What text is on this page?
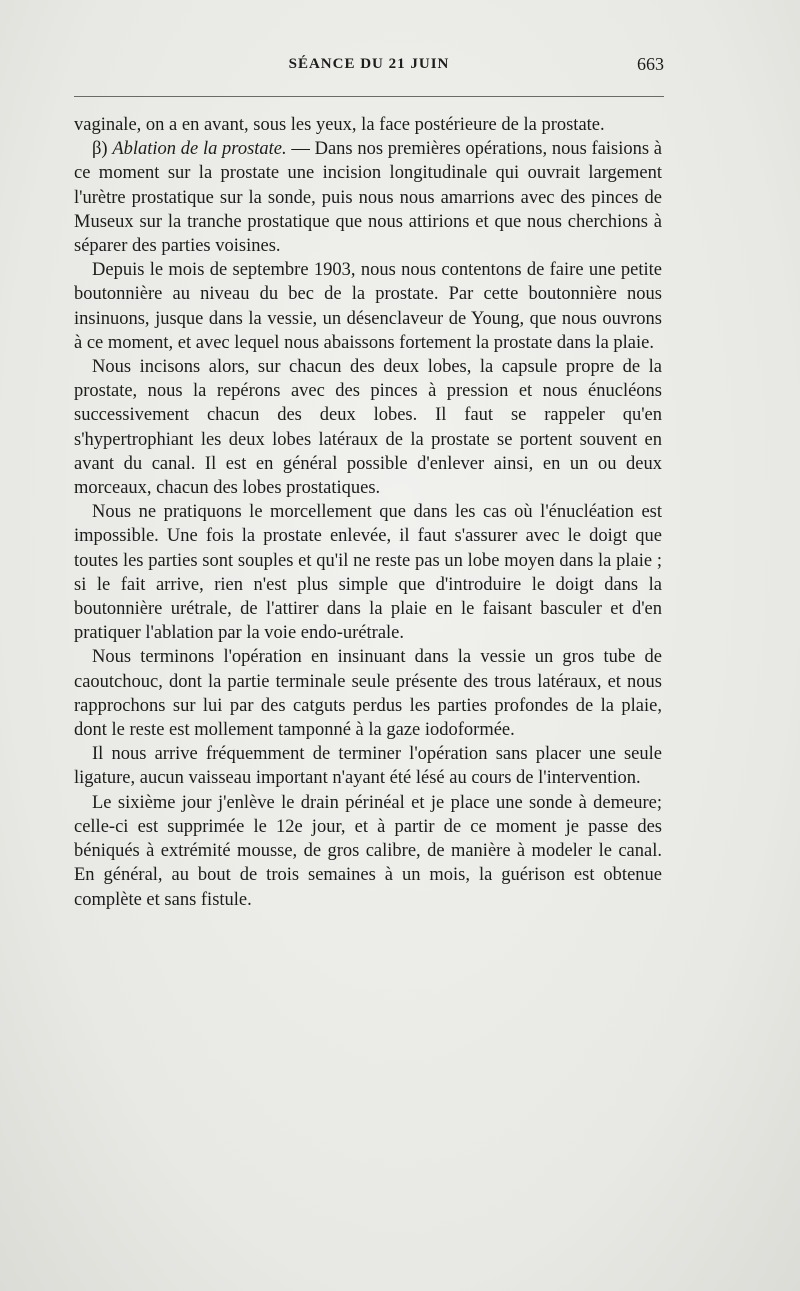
SÉANCE DU 21 JUIN	663

vaginale, on a en avant, sous les yeux, la face postérieure de la prostate.

β) Ablation de la prostate. — Dans nos premières opérations, nous faisions à ce moment sur la prostate une incision longitudinale qui ouvrait largement l'urètre prostatique sur la sonde, puis nous nous amarrions avec des pinces de Museux sur la tranche prostatique que nous attirions et que nous cherchions à séparer des parties voisines.

Depuis le mois de septembre 1903, nous nous contentons de faire une petite boutonnière au niveau du bec de la prostate. Par cette boutonnière nous insinuons, jusque dans la vessie, un désenclaveur de Young, que nous ouvrons à ce moment, et avec lequel nous abaissons fortement la prostate dans la plaie.

Nous incisons alors, sur chacun des deux lobes, la capsule propre de la prostate, nous la repérons avec des pinces à pression et nous énucléons successivement chacun des deux lobes. Il faut se rappeler qu'en s'hypertrophiant les deux lobes latéraux de la prostate se portent souvent en avant du canal. Il est en général possible d'enlever ainsi, en un ou deux morceaux, chacun des lobes prostatiques.

Nous ne pratiquons le morcellement que dans les cas où l'énucléation est impossible. Une fois la prostate enlevée, il faut s'assurer avec le doigt que toutes les parties sont souples et qu'il ne reste pas un lobe moyen dans la plaie ; si le fait arrive, rien n'est plus simple que d'introduire le doigt dans la boutonnière urétrale, de l'attirer dans la plaie en le faisant basculer et d'en pratiquer l'ablation par la voie endo-urétrale.

Nous terminons l'opération en insinuant dans la vessie un gros tube de caoutchouc, dont la partie terminale seule présente des trous latéraux, et nous rapprochons sur lui par des catguts perdus les parties profondes de la plaie, dont le reste est mollement tamponné à la gaze iodoformée.

Il nous arrive fréquemment de terminer l'opération sans placer une seule ligature, aucun vaisseau important n'ayant été lésé au cours de l'intervention.

Le sixième jour j'enlève le drain périnéal et je place une sonde à demeure; celle-ci est supprimée le 12e jour, et à partir de ce moment je passe des béniqués à extrémité mousse, de gros calibre, de manière à modeler le canal. En général, au bout de trois semaines à un mois, la guérison est obtenue complète et sans fistule.
